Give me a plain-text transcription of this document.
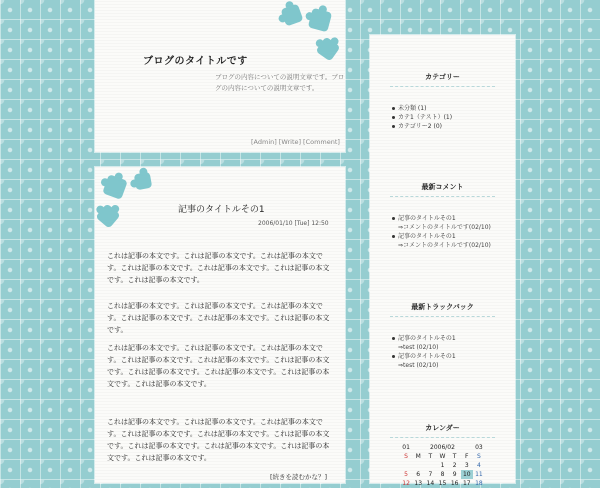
ブログのタイトルです
ブログの内容についての説明文章です。ブログの内容についての説明文章です。
[Admin] [Write] [Comment]
記事のタイトルその1
2006/01/10 [Tue] 12:50
これは記事の本文です。これは記事の本文です。これは記事の本文です。これは記事の本文です。これは記事の本文です。これは記事の本文です。これは記事の本文です。
これは記事の本文です。これは記事の本文です。これは記事の本文です。これは記事の本文です。これは記事の本文です。これは記事の本文です。
これは記事の本文です。これは記事の本文です。これは記事の本文です。これは記事の本文です。これは記事の本文です。これは記事の本文です。これは記事の本文です。これは記事の本文です。これは記事の本文です。これは記事の本文です。
これは記事の本文です。これは記事の本文です。これは記事の本文です。これは記事の本文です。これは記事の本文です。これは記事の本文です。これは記事の本文です。これは記事の本文です。これは記事の本文です。これは記事の本文です。
[続きを読むかな？]
カテゴリー
未分類 (1)
カテ1（テスト）(1)
カテゴリー2 (0)
最新コメント
記事のタイトルその1
⇒コメントのタイトルです(02/10)
記事のタイトルその1
⇒コメントのタイトルです(02/10)
最新トラックバック
記事のタイトルその1
⇒test (02/10)
記事のタイトルその1
⇒test (02/10)
カレンダー
01	2006/02					03
S	M	T	W	T	F	S
			1	2	3	4
5	6	7	8	9	10	11
12	13	14	15	16	17	18
